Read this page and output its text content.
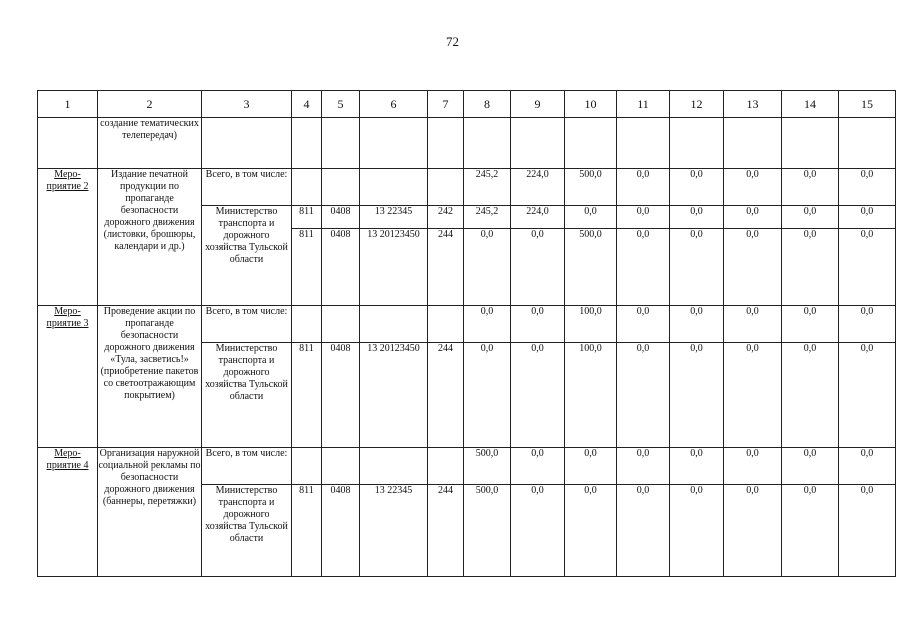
72
1	2	3	4	5	6	7	8	9	10	11	12	13	14	15
	создание тематических телепередач)													
Меро-
приятие 2	Издание печатной продукции по пропаганде безопасности дорожного движения (листовки, брошюры, календари и др.)	Всего, в том числе:					245,2	224,0	500,0	0,0	0,0	0,0	0,0	0,0
		Министерство транспорта и дорожного хозяйства Тульской области	811	0408	13 22345	242	245,2	224,0	0,0	0,0	0,0	0,0	0,0	0,0
			811	0408	13 20123450	244	0,0	0,0	500,0	0,0	0,0	0,0	0,0	0,0
Меро-
приятие 3	Проведение акции по пропаганде безопасности дорожного движения «Тула, засветись!» (приобретение пакетов со светоотражающим покрытием)	Всего, в том числе:					0,0	0,0	100,0	0,0	0,0	0,0	0,0	0,0
		Министерство транспорта и дорожного хозяйства Тульской области	811	0408	13 20123450	244	0,0	0,0	100,0	0,0	0,0	0,0	0,0	0,0
Меро-
приятие 4	Организация наружной социальной рекламы по безопасности дорожного движения (баннеры, перетяжки)	Всего, в том числе:					500,0	0,0	0,0	0,0	0,0	0,0	0,0	0,0
		Министерство транспорта и дорожного хозяйства Тульской области	811	0408	13 22345	244	500,0	0,0	0,0	0,0	0,0	0,0	0,0	0,0
